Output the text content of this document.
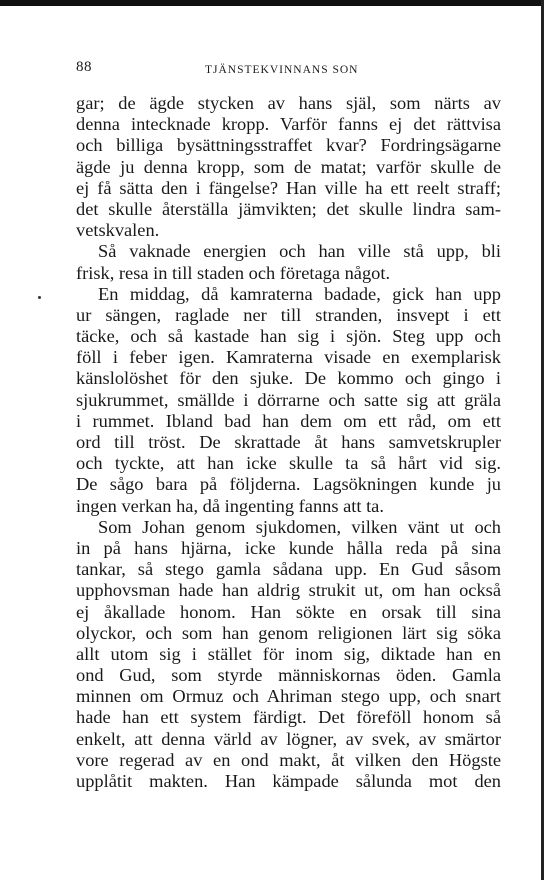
88	TJÄNSTEKVINNANS SON
gar; de ägde stycken av hans själ, som närts av
denna intecknade kropp. Varför fanns ej det rättvisa
och billiga bysättningsstraffet kvar? Fordringsägarne
ägde ju denna kropp, som de matat; varför skulle de
ej få sätta den i fängelse? Han ville ha ett reelt straff;
det skulle återställa jämvikten; det skulle lindra sam-
vetskvalen.
Så vaknade energien och han ville stå upp, bli
frisk, resa in till staden och företaga något.
En middag, då kamraterna badade, gick han upp
ur sängen, raglade ner till stranden, insvept i ett
täcke, och så kastade han sig i sjön. Steg upp och
föll i feber igen. Kamraterna visade en exemplarisk
känslolöshet för den sjuke. De kommo och gingo i
sjukrummet, smällde i dörrarne och satte sig att gräla
i rummet. Ibland bad han dem om ett råd, om ett
ord till tröst. De skrattade åt hans samvetskrupler
och tyckte, att han icke skulle ta så hårt vid sig.
De sågo bara på följderna. Lagsökningen kunde ju
ingen verkan ha, då ingenting fanns att ta.
Som Johan genom sjukdomen, vilken vänt ut och
in på hans hjärna, icke kunde hålla reda på sina
tankar, så stego gamla sådana upp. En Gud såsom
upphovsman hade han aldrig strukit ut, om han också
ej åkallade honom. Han sökte en orsak till sina
olyckor, och som han genom religionen lärt sig söka
allt utom sig i stället för inom sig, diktade han en
ond Gud, som styrde människornas öden. Gamla
minnen om Ormuz och Ahriman stego upp, och snart
hade han ett system färdigt. Det föreföll honom så
enkelt, att denna värld av lögner, av svek, av smärtor
vore regerad av en ond makt, åt vilken den Högste
upplåtit makten. Han kämpade sålunda mot den
